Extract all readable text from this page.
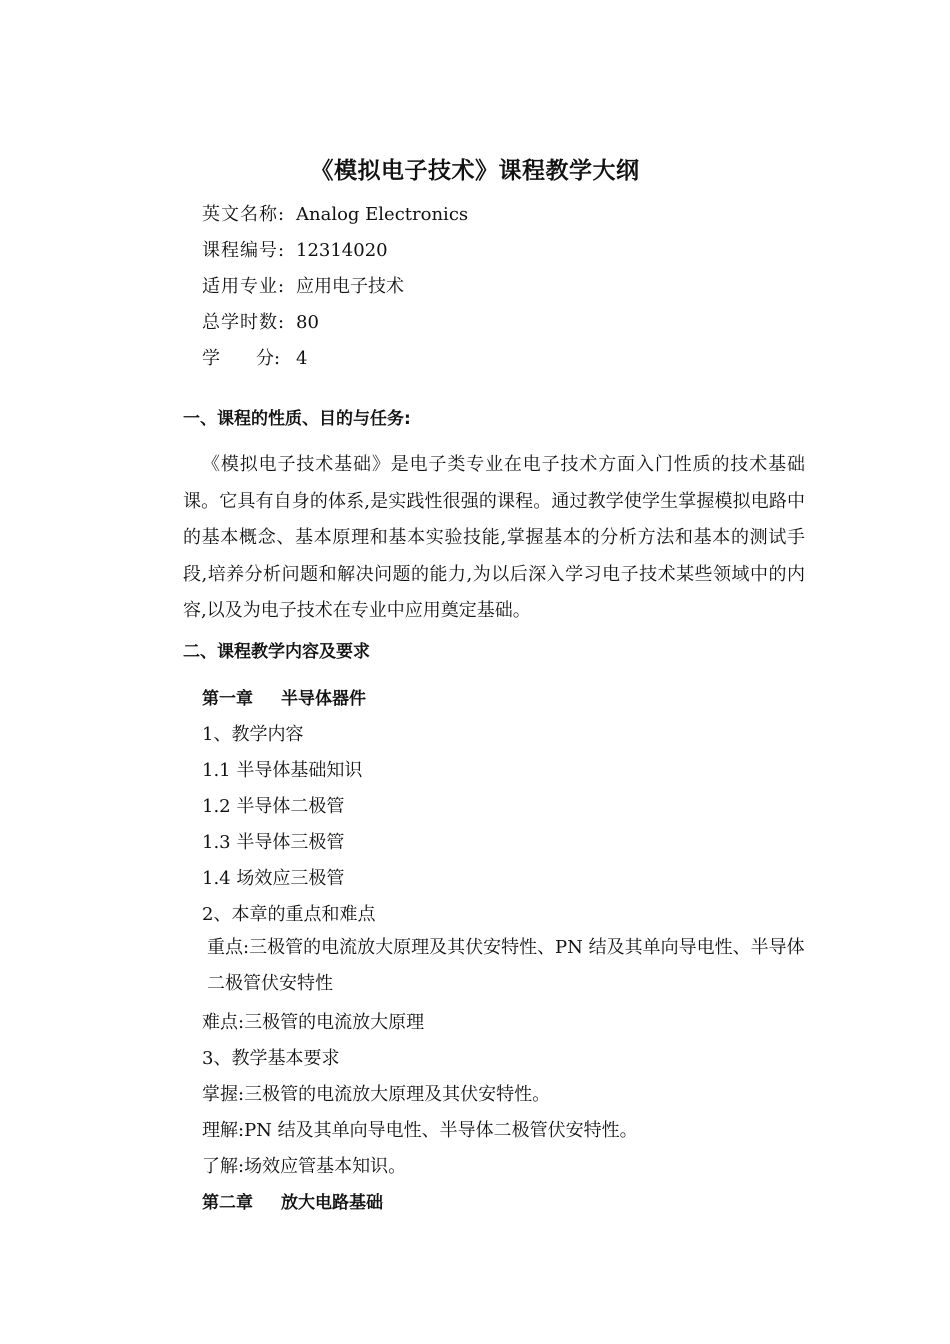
《模拟电子技术》课程教学大纲
英文名称: Analog Electronics
课程编号: 12314020
适用专业: 应用电子技术
总学时数: 80
学　　分: 4
一、课程的性质、目的与任务:
《模拟电子技术基础》是电子类专业在电子技术方面入门性质的技术基础课。它具有自身的体系,是实践性很强的课程。通过教学使学生掌握模拟电路中的基本概念、基本原理和基本实验技能,掌握基本的分析方法和基本的测试手段,培养分析问题和解决问题的能力,为以后深入学习电子技术某些领域中的内容,以及为电子技术在专业中应用奠定基础。
二、课程教学内容及要求
第一章 半导体器件
1、教学内容
1.1 半导体基础知识
1.2 半导体二极管
1.3 半导体三极管
1.4 场效应三极管
2、本章的重点和难点
重点:三极管的电流放大原理及其伏安特性、PN 结及其单向导电性、半导体二极管伏安特性
难点:三极管的电流放大原理
3、教学基本要求
掌握:三极管的电流放大原理及其伏安特性。
理解:PN 结及其单向导电性、半导体二极管伏安特性。
了解:场效应管基本知识。
第二章 放大电路基础
